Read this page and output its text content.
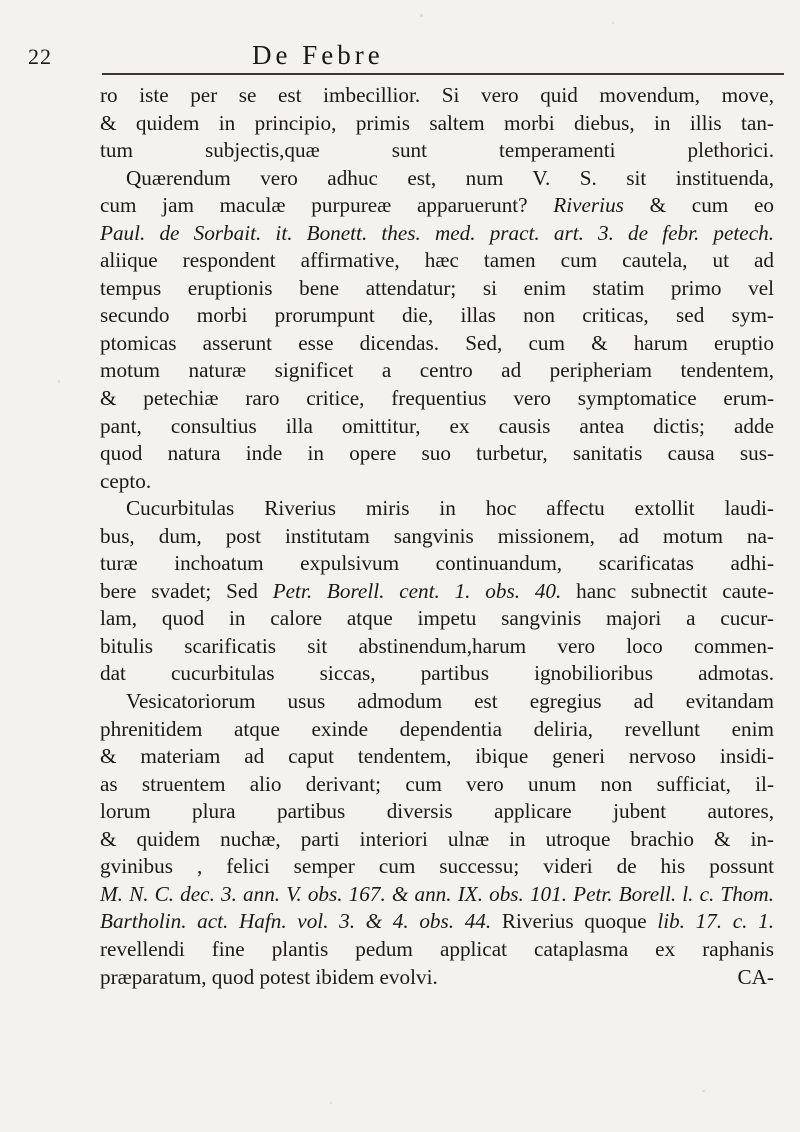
22	De Febre
ro iste per se est imbecillior. Si vero quid movendum, move,
& quidem in principio, primis saltem morbi diebus, in illis tan-
tum subjectis,quæ sunt temperamenti plethorici.
Quærendum vero adhuc est, num V. S. sit instituenda,
cum jam maculæ purpureæ apparuerunt? Riverius & cum eo
Paul. de Sorbait. it. Bonett. thes. med. pract. art. 3. de febr. petech.
aliique respondent affirmative, hæc tamen cum cautela, ut ad
tempus eruptionis bene attendatur; si enim statim primo vel
secundo morbi prorumpunt die, illas non criticas, sed sym-
ptomicas asserunt esse dicendas. Sed, cum & harum eruptio
motum naturæ significet a centro ad peripheriam tendentem,
& petechiæ raro critice, frequentius vero symptomatice erum-
pant, consultius illa omittitur, ex causis antea dictis; adde
quod natura inde in opere suo turbetur, sanitatis causa sus-
cepto.
Cucurbitulas Riverius miris in hoc affectu extollit laudi-
bus, dum, post institutam sangvinis missionem, ad motum na-
turæ inchoatum expulsivum continuandum, scarificatas adhi-
bere svadet; Sed Petr. Borell. cent. 1. obs. 40. hanc subnectit caute-
lam, quod in calore atque impetu sangvinis majori a cucur-
bitulis scarificatis sit abstinendum,harum vero loco commen-
dat cucurbitulas siccas, partibus ignobilioribus admotas.
Vesicatoriorum usus admodum est egregius ad evitandam
phrenitidem atque exinde dependentia deliria, revellunt enim
& materiam ad caput tendentem, ibique generi nervoso insidi-
as struentem alio derivant; cum vero unum non sufficiat, il-
lorum plura partibus diversis applicare jubent autores,
& quidem nuchæ, parti interiori ulnæ in utroque brachio & in-
gvinibus , felici semper cum successu; videri de his possunt
M. N. C. dec. 3. ann. V. obs. 167. & ann. IX. obs. 101. Petr. Borell. l. c. Thom.
Bartholin. act. Hafn. vol. 3. & 4. obs. 44. Riverius quoque lib. 17. c. 1.
revellendi fine plantis pedum applicat cataplasma ex raphanis
præparatum, quod potest ibidem evolvi.	CA-
